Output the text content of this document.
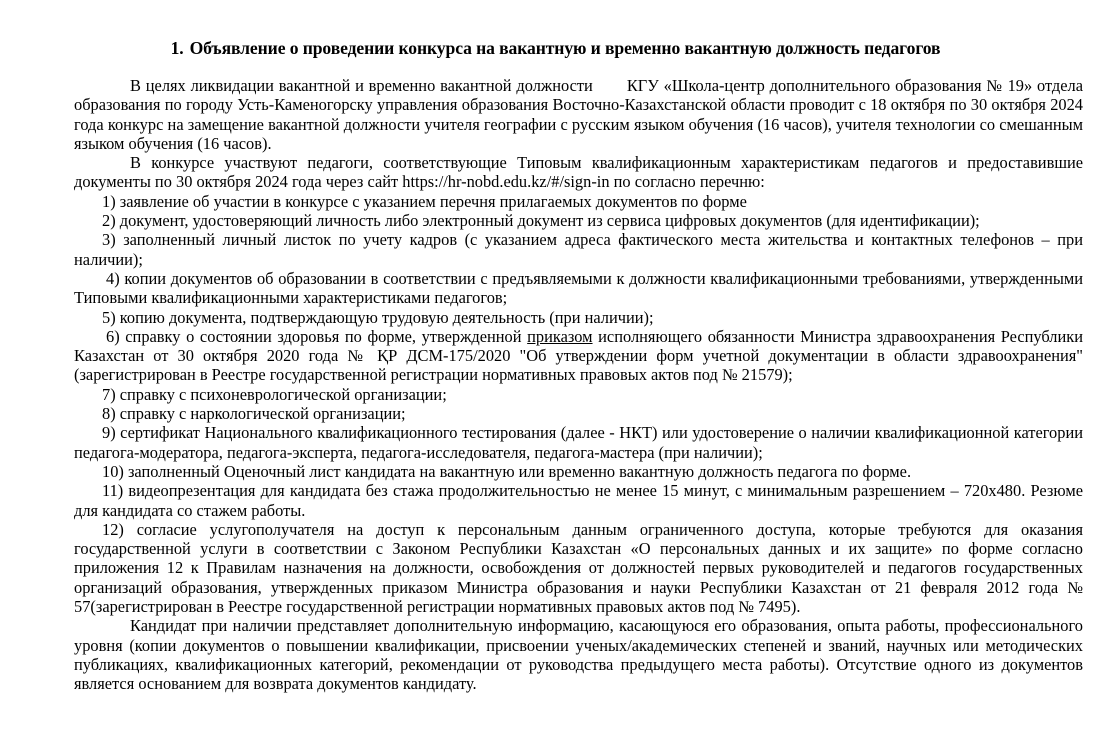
1. Объявление о проведении конкурса на вакантную и временно вакантную должность педагогов

В целях ликвидации вакантной и временно вакантной должности КГУ «Школа-центр дополнительного образования № 19» отдела образования по городу Усть-Каменогорску управления образования Восточно-Казахстанской области проводит с 18 октября по 30 октября 2024 года конкурс на замещение вакантной должности учителя географии с русским языком обучения (16 часов), учителя технологии со смешанным языком обучения (16 часов).

В конкурсе участвуют педагоги, соответствующие Типовым квалификационным характеристикам педагогов и предоставившие документы по 30 октября 2024 года через сайт https://hr-nobd.edu.kz/#/sign-in по согласно перечню:

1) заявление об участии в конкурсе с указанием перечня прилагаемых документов по форме

2) документ, удостоверяющий личность либо электронный документ из сервиса цифровых документов (для идентификации);

3) заполненный личный листок по учету кадров (с указанием адреса фактического места жительства и контактных телефонов – при наличии);

4) копии документов об образовании в соответствии с предъявляемыми к должности квалификационными требованиями, утвержденными Типовыми квалификационными характеристиками педагогов;

5) копию документа, подтверждающую трудовую деятельность (при наличии);

6) справку о состоянии здоровья по форме, утвержденной приказом исполняющего обязанности Министра здравоохранения Республики Казахстан от 30 октября 2020 года № ҚР ДСМ-175/2020 "Об утверждении форм учетной документации в области здравоохранения" (зарегистрирован в Реестре государственной регистрации нормативных правовых актов под № 21579);

7) справку с психоневрологической организации;

8) справку с наркологической организации;

9) сертификат Национального квалификационного тестирования (далее - НКТ) или удостоверение о наличии квалификационной категории педагога-модератора, педагога-эксперта, педагога-исследователя, педагога-мастера (при наличии);

10) заполненный Оценочный лист кандидата на вакантную или временно вакантную должность педагога по форме.

11) видеопрезентация для кандидата без стажа продолжительностью не менее 15 минут, с минимальным разрешением – 720x480. Резюме для кандидата со стажем работы.

12) согласие услугополучателя на доступ к персональным данным ограниченного доступа, которые требуются для оказания государственной услуги в соответствии с Законом Республики Казахстан «О персональных данных и их защите» по форме согласно приложения 12 к Правилам назначения на должности, освобождения от должностей первых руководителей и педагогов государственных организаций образования, утвержденных приказом Министра образования и науки Республики Казахстан от 21 февраля 2012 года № 57(зарегистрирован в Реестре государственной регистрации нормативных правовых актов под № 7495).

Кандидат при наличии представляет дополнительную информацию, касающуюся его образования, опыта работы, профессионального уровня (копии документов о повышении квалификации, присвоении ученых/академических степеней и званий, научных или методических публикациях, квалификационных категорий, рекомендации от руководства предыдущего места работы). Отсутствие одного из документов является основанием для возврата документов кандидату.
